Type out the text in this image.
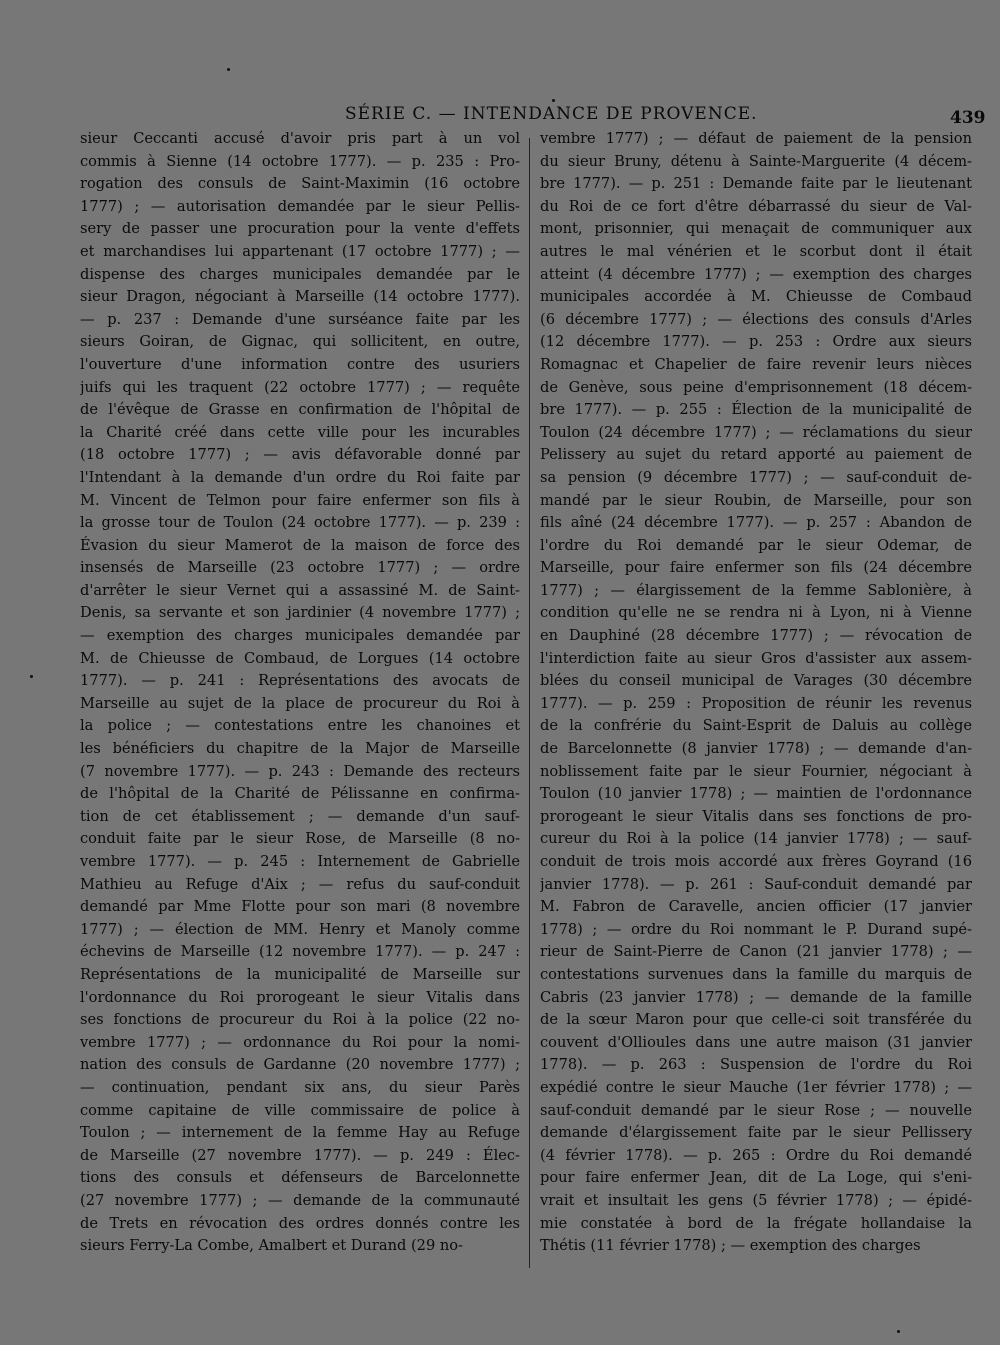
SÉRIE C. — INTENDANCE DE PROVENCE.	439

sieur Ceccanti accusé d'avoir pris part à un vol

commis à Sienne (14 octobre 1777). — p. 235 : Pro-

rogation des consuls de Saint-Maximin (16 octobre

1777) ; — autorisation demandée par le sieur Pellis-

sery de passer une procuration pour la vente d'effets

et marchandises lui appartenant (17 octobre 1777) ; —

dispense des charges municipales demandée par le

sieur Dragon, négociant à Marseille (14 octobre 1777).

— p. 237 : Demande d'une surséance faite par les

sieurs Goiran, de Gignac, qui sollicitent, en outre,

l'ouverture d'une information contre des usuriers

juifs qui les traquent (22 octobre 1777) ; — requête

de l'évêque de Grasse en confirmation de l'hôpital de

la Charité créé dans cette ville pour les incurables

(18 octobre 1777) ; — avis défavorable donné par

l'Intendant à la demande d'un ordre du Roi faite par

M. Vincent de Telmon pour faire enfermer son fils à

la grosse tour de Toulon (24 octobre 1777). — p. 239 :

Évasion du sieur Mamerot de la maison de force des

insensés de Marseille (23 octobre 1777) ; — ordre

d'arrêter le sieur Vernet qui a assassiné M. de Saint-

Denis, sa servante et son jardinier (4 novembre 1777) ;

— exemption des charges municipales demandée par

M. de Chieusse de Combaud, de Lorgues (14 octobre

1777). — p. 241 : Représentations des avocats de

Marseille au sujet de la place de procureur du Roi à

la police ; — contestations entre les chanoines et

les bénéficiers du chapitre de la Major de Marseille

(7 novembre 1777). — p. 243 : Demande des recteurs

de l'hôpital de la Charité de Pélissanne en confirma-

tion de cet établissement ; — demande d'un sauf-

conduit faite par le sieur Rose, de Marseille (8 no-

vembre 1777). — p. 245 : Internement de Gabrielle

Mathieu au Refuge d'Aix ; — refus du sauf-conduit

demandé par Mme Flotte pour son mari (8 novembre

1777) ; — élection de MM. Henry et Manoly comme

échevins de Marseille (12 novembre 1777). — p. 247 :

Représentations de la municipalité de Marseille sur

l'ordonnance du Roi prorogeant le sieur Vitalis dans

ses fonctions de procureur du Roi à la police (22 no-

vembre 1777) ; — ordonnance du Roi pour la nomi-

nation des consuls de Gardanne (20 novembre 1777) ;

— continuation, pendant six ans, du sieur Parès

comme capitaine de ville commissaire de police à

Toulon ; — internement de la femme Hay au Refuge

de Marseille (27 novembre 1777). — p. 249 : Élec-

tions des consuls et défenseurs de Barcelonnette

(27 novembre 1777) ; — demande de la communauté

de Trets en révocation des ordres donnés contre les

sieurs Ferry-La Combe, Amalbert et Durand (29 no-

vembre 1777) ; — défaut de paiement de la pension

du sieur Bruny, détenu à Sainte-Marguerite (4 décem-

bre 1777). — p. 251 : Demande faite par le lieutenant

du Roi de ce fort d'être débarrassé du sieur de Val-

mont, prisonnier, qui menaçait de communiquer aux

autres le mal vénérien et le scorbut dont il était

atteint (4 décembre 1777) ; — exemption des charges

municipales accordée à M. Chieusse de Combaud

(6 décembre 1777) ; — élections des consuls d'Arles

(12 décembre 1777). — p. 253 : Ordre aux sieurs

Romagnac et Chapelier de faire revenir leurs nièces

de Genève, sous peine d'emprisonnement (18 décem-

bre 1777). — p. 255 : Élection de la municipalité de

Toulon (24 décembre 1777) ; — réclamations du sieur

Pelissery au sujet du retard apporté au paiement de

sa pension (9 décembre 1777) ; — sauf-conduit de-

mandé par le sieur Roubin, de Marseille, pour son

fils aîné (24 décembre 1777). — p. 257 : Abandon de

l'ordre du Roi demandé par le sieur Odemar, de

Marseille, pour faire enfermer son fils (24 décembre

1777) ; — élargissement de la femme Sablonière, à

condition qu'elle ne se rendra ni à Lyon, ni à Vienne

en Dauphiné (28 décembre 1777) ; — révocation de

l'interdiction faite au sieur Gros d'assister aux assem-

blées du conseil municipal de Varages (30 décembre

1777). — p. 259 : Proposition de réunir les revenus

de la confrérie du Saint-Esprit de Daluis au collège

de Barcelonnette (8 janvier 1778) ; — demande d'an-

noblissement faite par le sieur Fournier, négociant à

Toulon (10 janvier 1778) ; — maintien de l'ordonnance

prorogeant le sieur Vitalis dans ses fonctions de pro-

cureur du Roi à la police (14 janvier 1778) ; — sauf-

conduit de trois mois accordé aux frères Goyrand (16

janvier 1778). — p. 261 : Sauf-conduit demandé par

M. Fabron de Caravelle, ancien officier (17 janvier

1778) ; — ordre du Roi nommant le P. Durand supé-

rieur de Saint-Pierre de Canon (21 janvier 1778) ; —

contestations survenues dans la famille du marquis de

Cabris (23 janvier 1778) ; — demande de la famille

de la sœur Maron pour que celle-ci soit transférée du

couvent d'Ollioules dans une autre maison (31 janvier

1778). — p. 263 : Suspension de l'ordre du Roi

expédié contre le sieur Mauche (1er février 1778) ; —

sauf-conduit demandé par le sieur Rose ; — nouvelle

demande d'élargissement faite par le sieur Pellissery

(4 février 1778). — p. 265 : Ordre du Roi demandé

pour faire enfermer Jean, dit de La Loge, qui s'eni-

vrait et insultait les gens (5 février 1778) ; — épidé-

mie constatée à bord de la frégate hollandaise la

Thétis (11 février 1778) ; — exemption des charges
